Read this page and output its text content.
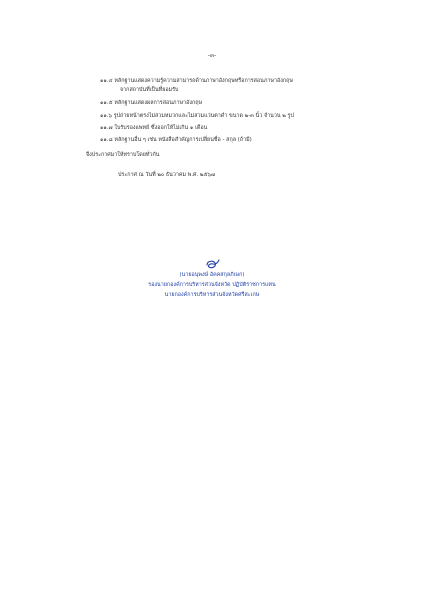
-๓-
๑๑.๔ หลักฐานแสดงความรู้ความสามารถด้านภาษาอังกฤษหรือการสอนภาษาอังกฤษ
จากสถาบันที่เป็นที่ยอมรับ
๑๑.๕ หลักฐานแสดงผลการสอนภาษาอังกฤษ
๑๑.๖ รูปถ่ายหน้าตรงไม่สวมหมวกและไม่สวมแว่นตาดำ ขนาด ๒-๓ นิ้ว จำนวน ๒ รูป
๑๑.๗ ใบรับรองแพทย์ ซึ่งออกให้ไม่เกิน ๑ เดือน
๑๑.๘ หลักฐานอื่น ๆ เช่น หนังสือสำคัญการเปลี่ยนชื่อ - สกุล (ถ้ามี)
จึงประกาศมาให้ทราบโดยทั่วกัน
ประกาศ ณ วันที่ ๒๐ ธันวาคม พ.ศ. ๒๕๖๗
(นายอนุพงษ์ อัคคสกุลภิเษก)
รองนายกองค์การบริหารส่วนจังหวัด ปฏิบัติราชการแทน
นายกองค์การบริหารส่วนจังหวัดศรีสะเกษ
